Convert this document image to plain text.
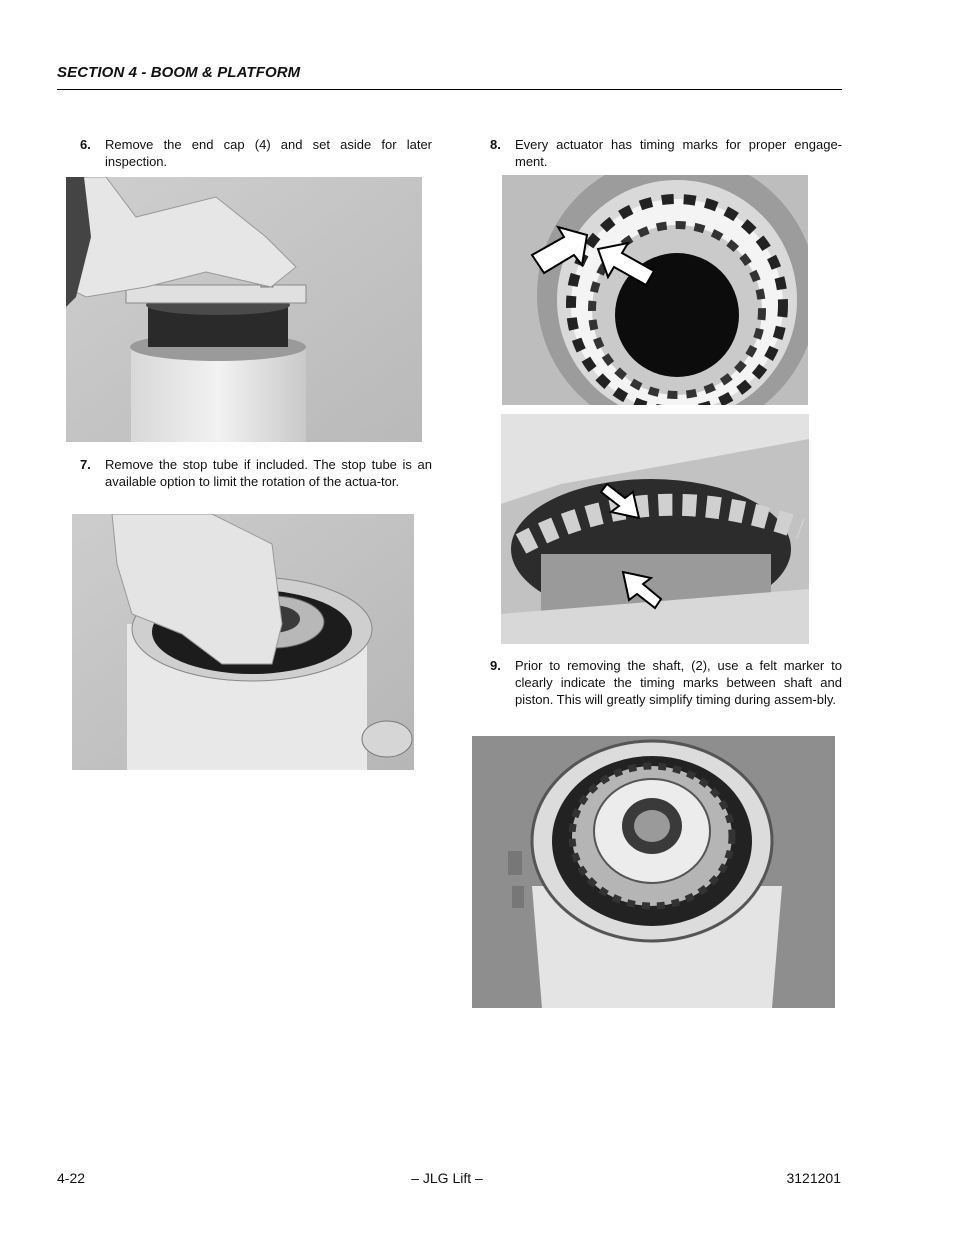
SECTION 4 - BOOM & PLATFORM
6. Remove the end cap (4) and set aside for later inspection.
7. Remove the stop tube if included. The stop tube is an available option to limit the rotation of the actua-tor.
8. Every actuator has timing marks for proper engage-ment.
9. Prior to removing the shaft, (2), use a felt marker to clearly indicate the timing marks between shaft and piston. This will greatly simplify timing during assem-bly.
4-22	– JLG Lift –	3121201
